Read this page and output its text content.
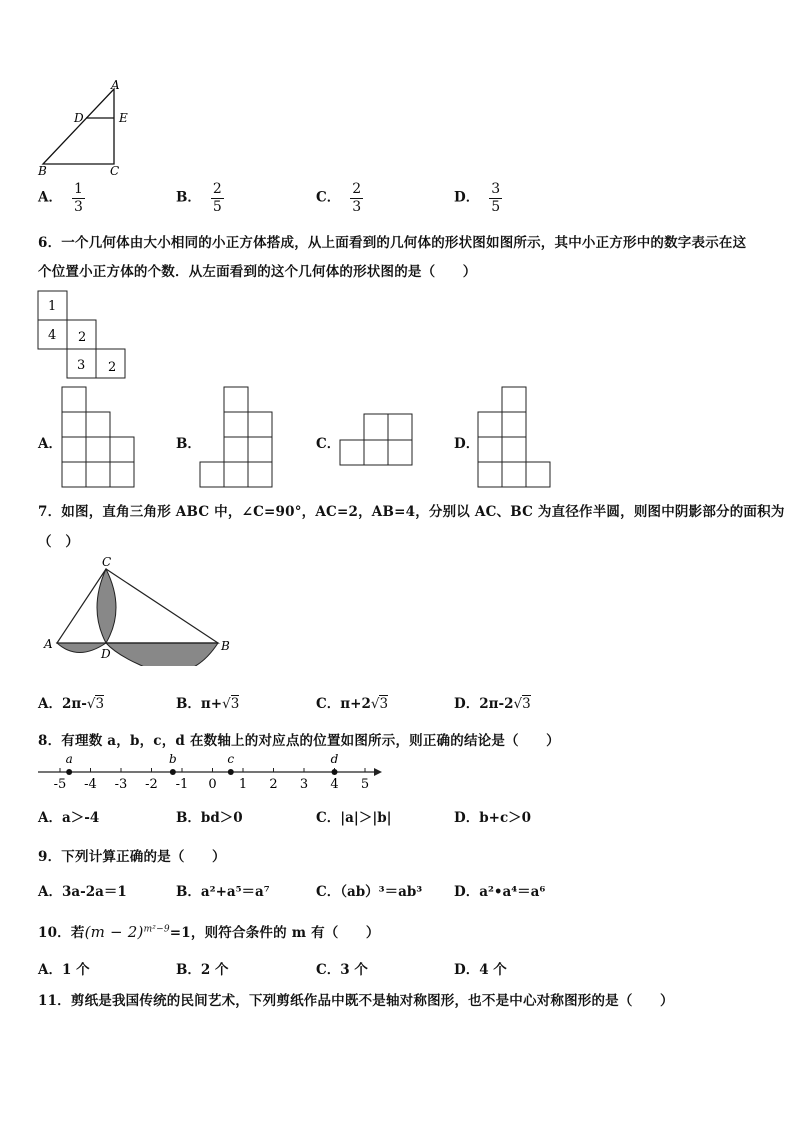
A
D	E
B	C
A． $\frac{1}{3}$	B． $\frac{2}{5}$	C． $\frac{2}{3}$	D． $\frac{3}{5}$
6．一个几何体由大小相同的小正方体搭成，从上面看到的几何体的形状图如图所示，其中小正方形中的数字表示在这
个位置小正方体的个数．从左面看到的这个几何体的形状图的是（　　）
1
4 2
3 2
A．	B．	C．	D．
7．如图，直角三角形 ABC 中，∠C=90°，AC=2，AB=4，分别以 AC、BC 为直径作半圆，则图中阴影部分的面积为
（　）
C
A
D
B
A．2π-√3	B．π+√3	C．π+2√3	D．2π-2√3
8．有理数 a，b，c，d 在数轴上的对应点的位置如图所示，则正确的结论是（　　）
-5 -4 -3 -2 -1 0 1 2 3 4 5
a	b	c	d
A．a＞-4	B．bd＞0	C．|a|＞|b|	D．b+c＞0
9．下列计算正确的是（　　）
A．3a-2a＝1	B．a²+a⁵＝a⁷	C．（ab）³＝ab³ D．a²•a⁴＝a⁶
10．若$(m - 2)^{m^2-9}=1$，则符合条件的 m 有（　　）
A．1 个	B．2 个	C．3 个	D．4 个
11．剪纸是我国传统的民间艺术，下列剪纸作品中既不是轴对称图形，也不是中心对称图形的是（　　）
